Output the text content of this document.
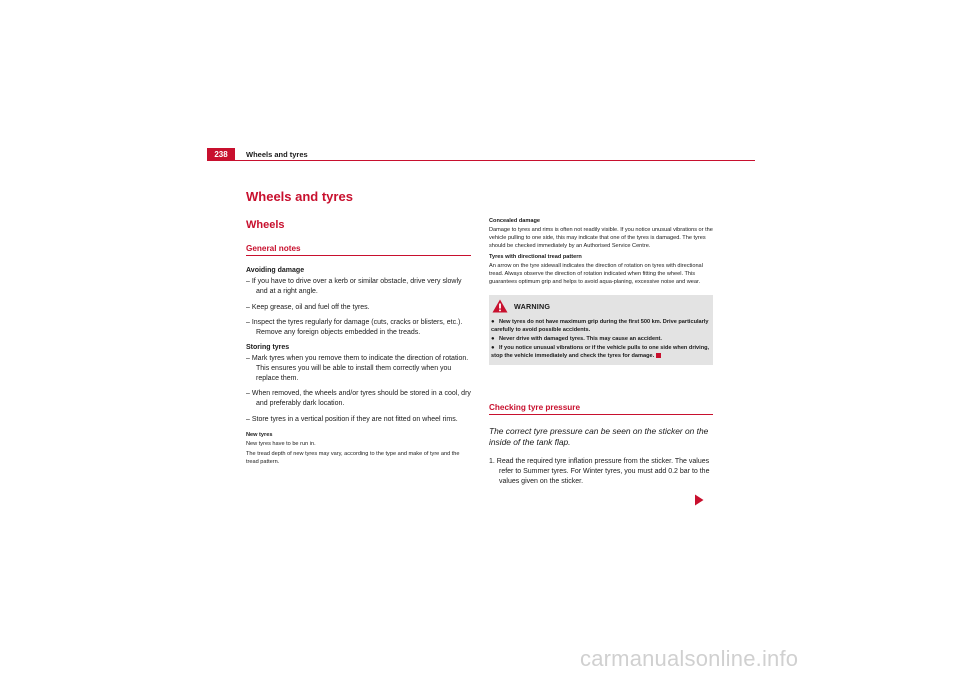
238	Wheels and tyres
Wheels and tyres
Wheels
General notes
Avoiding damage
– If you have to drive over a kerb or similar obstacle, drive very slowly and at a right angle.
– Keep grease, oil and fuel off the tyres.
– Inspect the tyres regularly for damage (cuts, cracks or blisters, etc.). Remove any foreign objects embedded in the treads.
Storing tyres
– Mark tyres when you remove them to indicate the direction of rotation. This ensures you will be able to install them correctly when you replace them.
– When removed, the wheels and/or tyres should be stored in a cool, dry and preferably dark location.
– Store tyres in a vertical position if they are not fitted on wheel rims.
New tyres
New tyres have to be run in.
The tread depth of new tyres may vary, according to the type and make of tyre and the tread pattern.
Concealed damage
Damage to tyres and rims is often not readily visible. If you notice unusual vibrations or the vehicle pulling to one side, this may indicate that one of the tyres is damaged. The tyres should be checked immediately by an Authorised Service Centre.
Tyres with directional tread pattern
An arrow on the tyre sidewall indicates the direction of rotation on tyres with directional tread. Always observe the direction of rotation indicated when fitting the wheel. This guarantees optimum grip and helps to avoid aqua-planing, excessive noise and wear.
WARNING
● New tyres do not have maximum grip during the first 500 km. Drive particularly carefully to avoid possible accidents.
● Never drive with damaged tyres. This may cause an accident.
● If you notice unusual vibrations or if the vehicle pulls to one side when driving, stop the vehicle immediately and check the tyres for damage.
Checking tyre pressure
The correct tyre pressure can be seen on the sticker on the inside of the tank flap.
1. Read the required tyre inflation pressure from the sticker. The values refer to Summer tyres. For Winter tyres, you must add 0.2 bar to the values given on the sticker.
carmanualsonline.info
